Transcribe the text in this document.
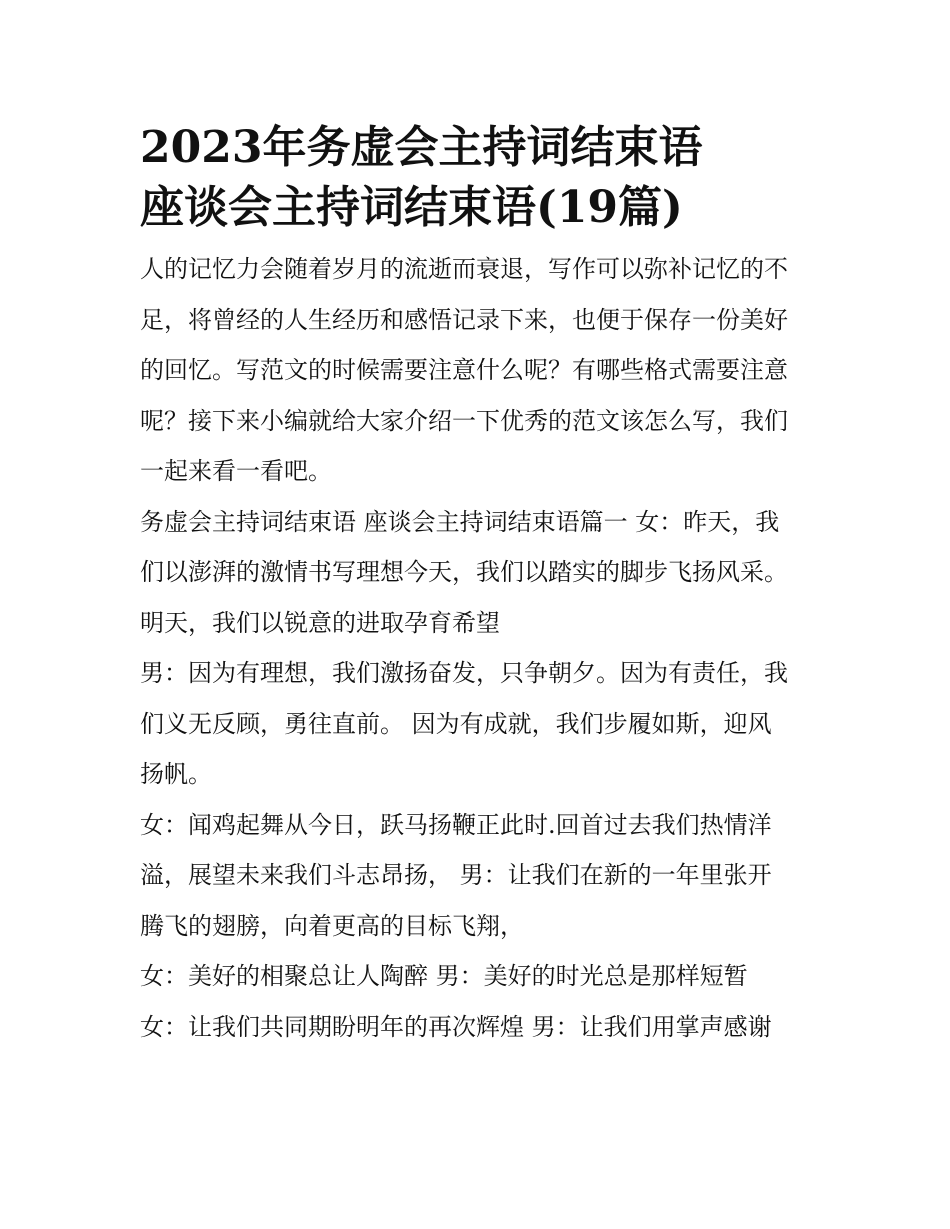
2023年务虚会主持词结束语
座谈会主持词结束语(19篇)

人的记忆力会随着岁月的流逝而衰退，写作可以弥补记忆的不
足，将曾经的人生经历和感悟记录下来，也便于保存一份美好
的回忆。写范文的时候需要注意什么呢？有哪些格式需要注意
呢？接下来小编就给大家介绍一下优秀的范文该怎么写，我们
一起来看一看吧。

务虚会主持词结束语 座谈会主持词结束语篇一 女：昨天，我
们以澎湃的激情书写理想今天，我们以踏实的脚步飞扬风采。
明天，我们以锐意的进取孕育希望

男：因为有理想，我们激扬奋发，只争朝夕。因为有责任，我
们义无反顾，勇往直前。 因为有成就，我们步履如斯，迎风
扬帆。

女：闻鸡起舞从今日，跃马扬鞭正此时.回首过去我们热情洋
溢，展望未来我们斗志昂扬， 男：让我们在新的一年里张开
腾飞的翅膀，向着更高的目标飞翔，

女：美好的相聚总让人陶醉 男：美好的时光总是那样短暂

女：让我们共同期盼明年的再次辉煌 男：让我们用掌声感谢
